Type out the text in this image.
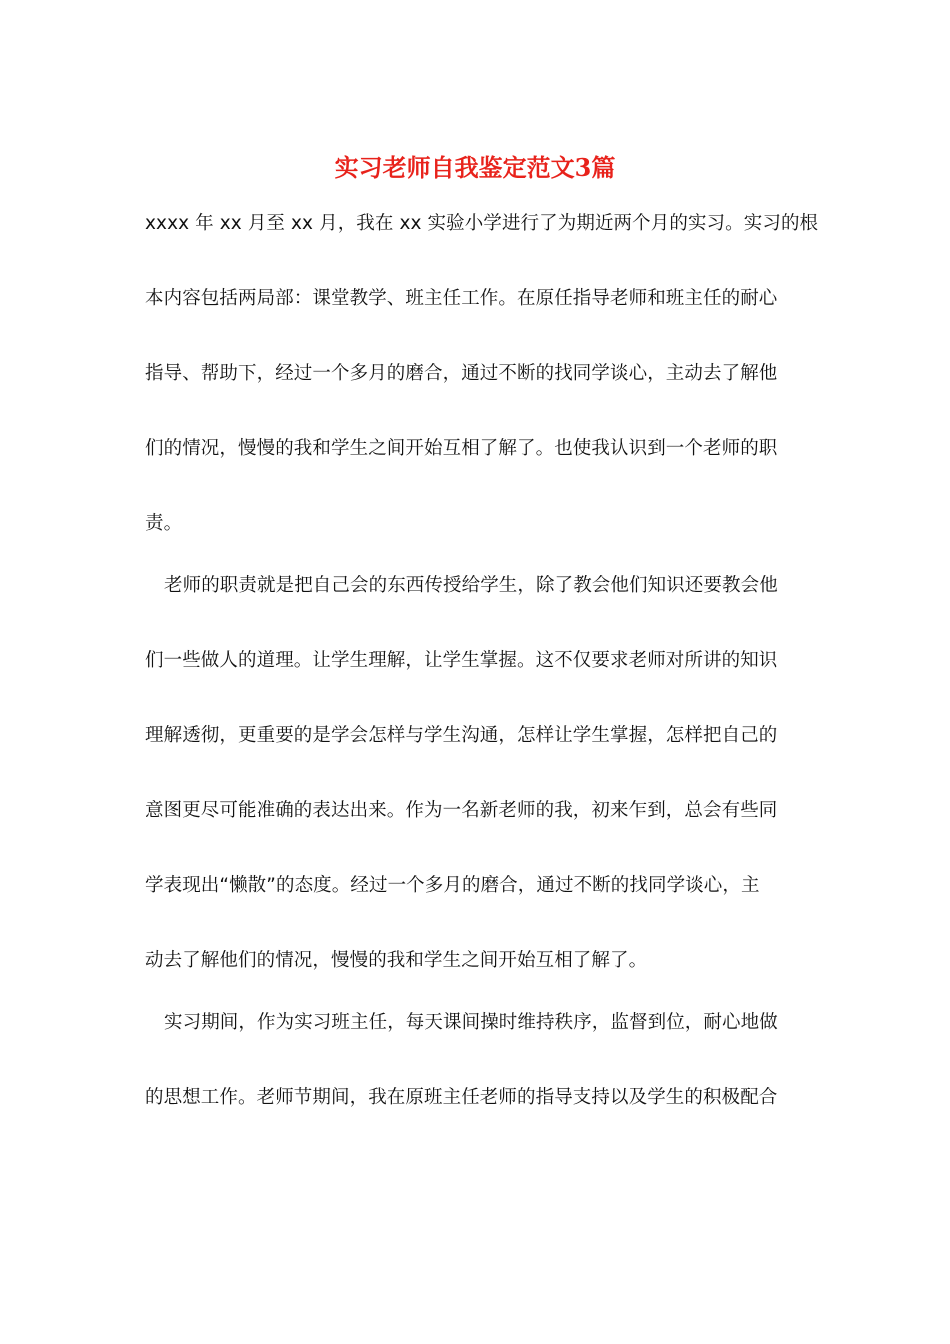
实习老师自我鉴定范文3篇
xxxx 年 xx 月至 xx 月，我在 xx 实验小学进行了为期近两个月的实习。实习的根
本内容包括两局部：课堂教学、班主任工作。在原任指导老师和班主任的耐心
指导、帮助下，经过一个多月的磨合，通过不断的找同学谈心，主动去了解他
们的情况，慢慢的我和学生之间开始互相了解了。也使我认识到一个老师的职
责。
老师的职责就是把自己会的东西传授给学生，除了教会他们知识还要教会他
们一些做人的道理。让学生理解，让学生掌握。这不仅要求老师对所讲的知识
理解透彻，更重要的是学会怎样与学生沟通，怎样让学生掌握，怎样把自己的
意图更尽可能准确的表达出来。作为一名新老师的我，初来乍到，总会有些同
学表现出“懒散”的态度。经过一个多月的磨合，通过不断的找同学谈心，主
动去了解他们的情况，慢慢的我和学生之间开始互相了解了。
实习期间，作为实习班主任，每天课间操时维持秩序，监督到位，耐心地做
的思想工作。老师节期间，我在原班主任老师的指导支持以及学生的积极配合
